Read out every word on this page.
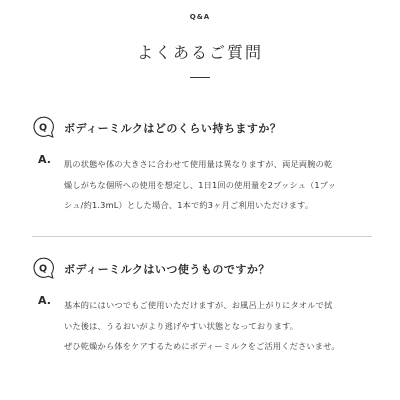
Q&A
よくあるご質問
Q ボディーミルクはどのくらい持ちますか？
A. 肌の状態や体の大きさに合わせて使用量は異なりますが、両足両腕の乾
燥しがちな個所への使用を想定し、1日1回の使用量を2プッシュ（1プッ
シュ/約1.3mL）とした場合、1本で約3ヶ月ご利用いただけます。
Q ボディーミルクはいつ使うものですか？
A. 基本的にはいつでもご使用いただけますが、お風呂上がりにタオルで拭
いた後は、うるおいがより逃げやすい状態となっております。
ぜひ乾燥から体をケアするためにボディーミルクをご活用くださいませ。
